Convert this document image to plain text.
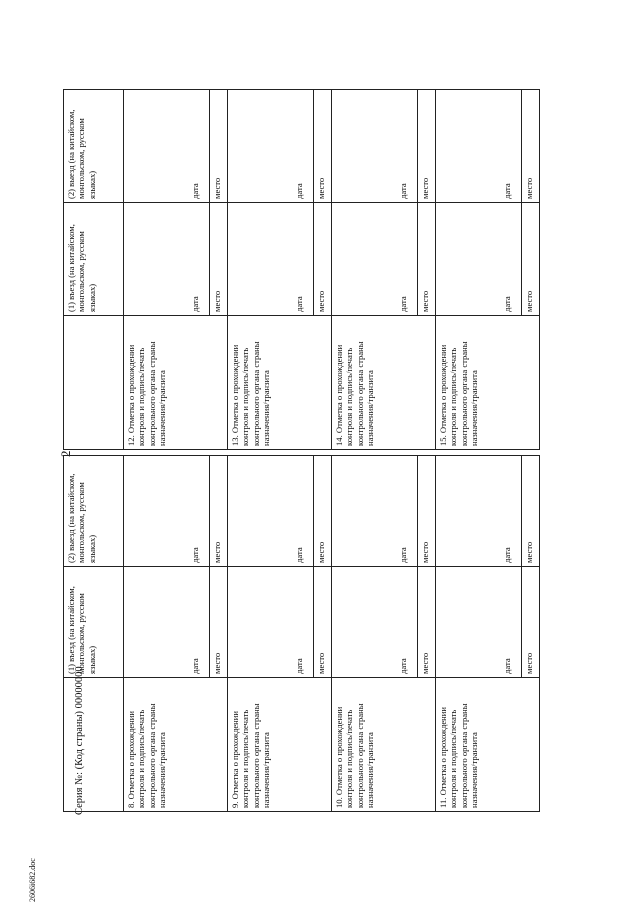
2606i682.doc
Серия №: (Код страны) 00000000
2
	(1) въезд (на китайском, монгольском, русском языках)	(2) выезд (на китайском, монгольском, русском языках)
8. Отметка о прохождении контроля и подпись/печать контрольного органа страны назначения/транзита	дата место	дата место

9. Отметка о прохождении контроля и подпись/печать контрольного органа страны назначения/транзита	дата место	дата место

10. Отметка о прохождении контроля и подпись/печать контрольного органа страны назначения/транзита	дата место	дата место

11. Отметка о прохождении контроля и подпись/печать контрольного органа страны назначения/транзита	дата место	дата место
	(1) въезд (на китайском, монгольском, русском языках)	(2) выезд (на китайском, монгольском, русском языках)
12. Отметка о прохождении контроля и подпись/печать контрольного органа страны назначения/транзита	дата место	дата место

13. Отметка о прохождении контроля и подпись/печать контрольного органа страны назначения/транзита	дата место	дата место

14. Отметка о прохождении контроля и подпись/печать контрольного органа страны назначения/транзита	дата место	дата место

15. Отметка о прохождении контроля и подпись/печать контрольного органа страны назначения/транзита	дата место	дата место
